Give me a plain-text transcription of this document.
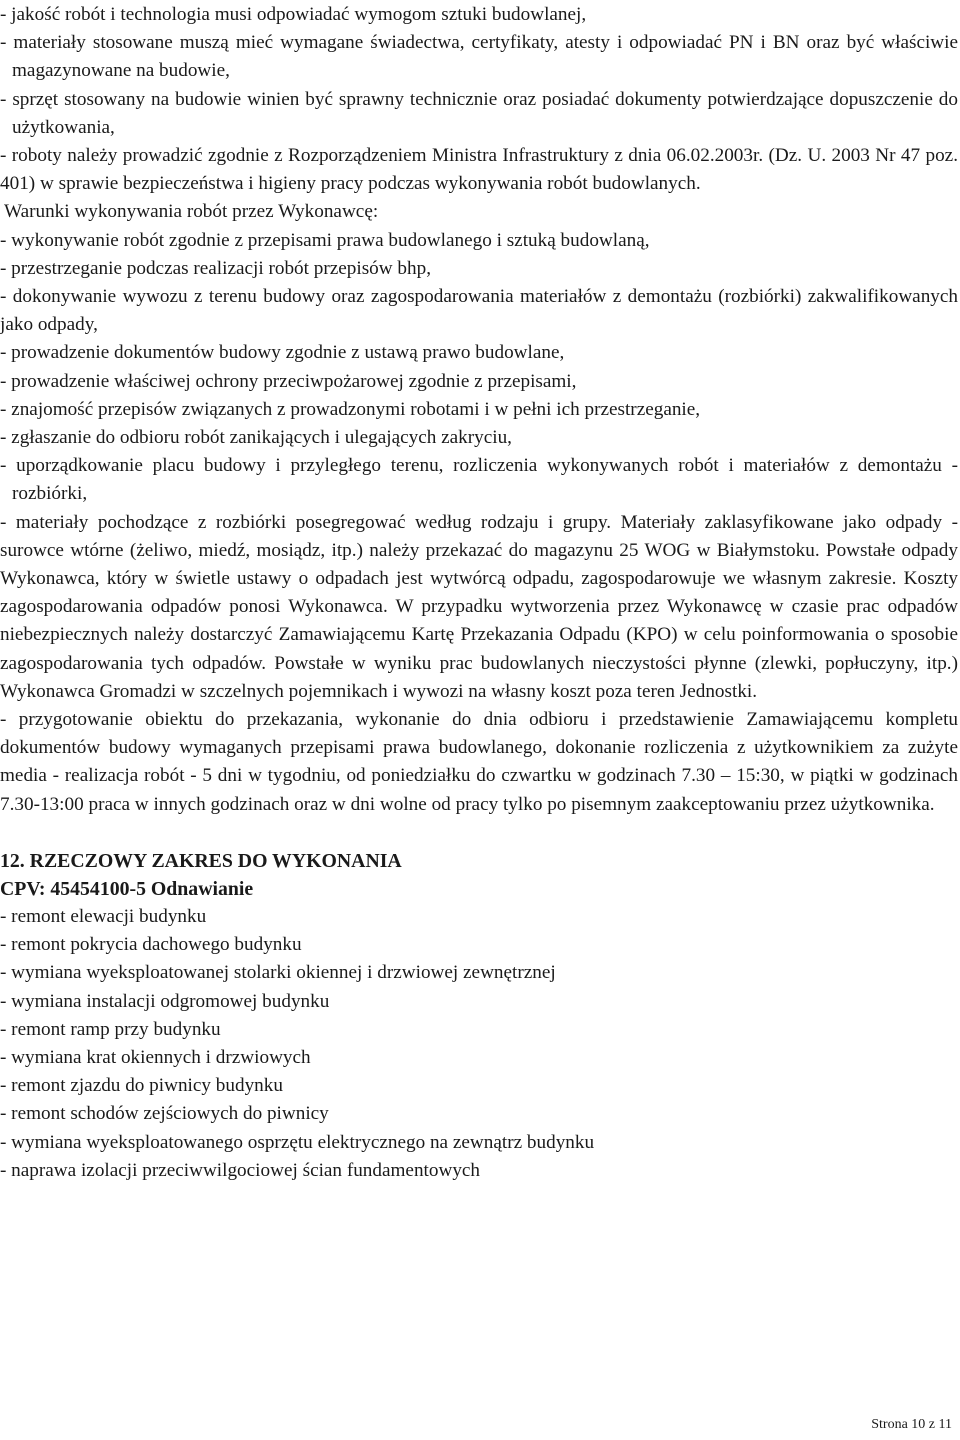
- jakość robót i technologia musi odpowiadać wymogom sztuki budowlanej,

- materiały stosowane muszą mieć wymagane świadectwa, certyfikaty, atesty i odpowiadać PN i BN oraz być właściwie magazynowane na budowie,

- sprzęt stosowany na budowie winien być sprawny technicznie oraz posiadać dokumenty potwierdzające dopuszczenie do użytkowania,

- roboty należy prowadzić zgodnie z Rozporządzeniem Ministra Infrastruktury z dnia 06.02.2003r. (Dz. U. 2003 Nr 47 poz. 401) w sprawie bezpieczeństwa i higieny pracy podczas wykonywania robót budowlanych.

Warunki wykonywania robót przez Wykonawcę:

- wykonywanie robót zgodnie z przepisami prawa budowlanego i sztuką budowlaną,

- przestrzeganie podczas realizacji robót przepisów bhp,

- dokonywanie wywozu z terenu budowy oraz zagospodarowania materiałów z demontażu (rozbiórki) zakwalifikowanych jako odpady,

- prowadzenie dokumentów budowy zgodnie z ustawą prawo budowlane,

- prowadzenie właściwej ochrony przeciwpożarowej zgodnie z przepisami,

- znajomość przepisów związanych z prowadzonymi robotami i w pełni ich przestrzeganie,

- zgłaszanie do odbioru robót zanikających i ulegających zakryciu,

- uporządkowanie placu budowy i przyległego terenu, rozliczenia wykonywanych robót i materiałów z demontażu - rozbiórki,

- materiały pochodzące z rozbiórki posegregować według rodzaju i grupy. Materiały zaklasyfikowane jako odpady - surowce wtórne (żeliwo, miedź, mosiądz, itp.) należy przekazać do magazynu 25 WOG w Białymstoku. Powstałe odpady Wykonawca, który w świetle ustawy o odpadach jest wytwórcą odpadu, zagospodarowuje we własnym zakresie. Koszty zagospodarowania odpadów ponosi Wykonawca. W przypadku wytworzenia przez Wykonawcę w czasie prac odpadów niebezpiecznych należy dostarczyć Zamawiającemu Kartę Przekazania Odpadu (KPO) w celu poinformowania o sposobie zagospodarowania tych odpadów. Powstałe w wyniku prac budowlanych nieczystości płynne (zlewki, popłuczyny, itp.) Wykonawca Gromadzi w szczelnych pojemnikach i wywozi na własny koszt poza teren Jednostki.

- przygotowanie obiektu do przekazania, wykonanie do dnia odbioru i przedstawienie Zamawiającemu kompletu dokumentów budowy wymaganych przepisami prawa budowlanego, dokonanie rozliczenia z użytkownikiem za zużyte media - realizacja robót - 5 dni w tygodniu, od poniedziałku do czwartku w godzinach 7.30 – 15:30, w piątki w godzinach 7.30-13:00 praca w innych godzinach oraz w dni wolne od pracy tylko po pisemnym zaakceptowaniu przez użytkownika.

12. RZECZOWY ZAKRES DO WYKONANIA

CPV: 45454100-5 Odnawianie

- remont elewacji budynku

- remont pokrycia dachowego budynku

- wymiana wyeksploatowanej stolarki okiennej i drzwiowej zewnętrznej

- wymiana instalacji odgromowej budynku

- remont ramp przy budynku

- wymiana krat okiennych i drzwiowych

- remont zjazdu do piwnicy budynku

- remont schodów zejściowych do piwnicy

- wymiana wyeksploatowanego osprzętu elektrycznego na zewnątrz budynku

- naprawa izolacji przeciwwilgociowej ścian fundamentowych

Strona 10 z 11
